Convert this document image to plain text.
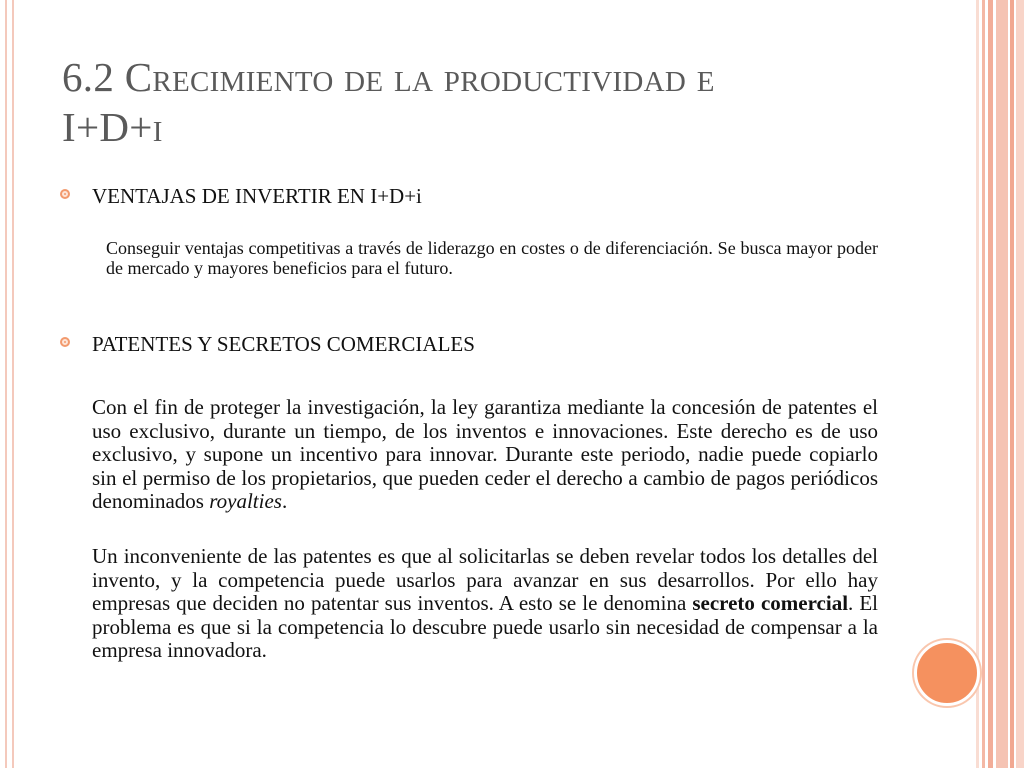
6.2 Crecimiento de la productividad e
I+D+i
VENTAJAS DE INVERTIR EN I+D+i

Conseguir ventajas competitivas a través de liderazgo en costes o de diferenciación. Se busca mayor poder de mercado y mayores beneficios para el futuro.

PATENTES Y SECRETOS COMERCIALES

Con el fin de proteger la investigación, la ley garantiza mediante la concesión de patentes el uso exclusivo, durante un tiempo, de los inventos e innovaciones. Este derecho es de uso exclusivo, y supone un incentivo para innovar. Durante este periodo, nadie puede copiarlo sin el permiso de los propietarios, que pueden ceder el derecho a cambio de pagos periódicos denominados royalties.

Un inconveniente de las patentes es que al solicitarlas se deben revelar todos los detalles del invento, y la competencia puede usarlos para avanzar en sus desarrollos. Por ello hay empresas que deciden no patentar sus inventos. A esto se le denomina secreto comercial. El problema es que si la competencia lo descubre puede usarlo sin necesidad de compensar a la empresa innovadora.
